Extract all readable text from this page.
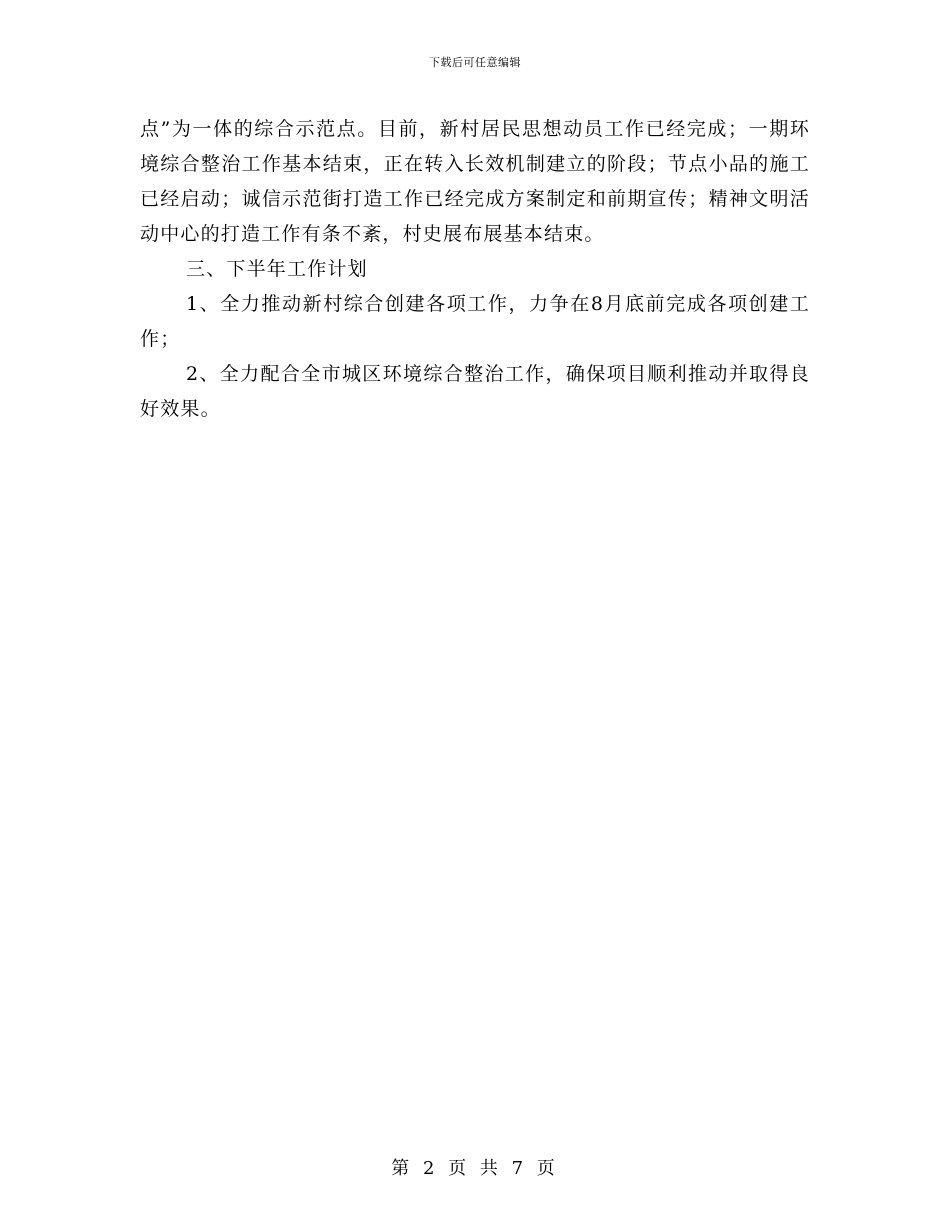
下载后可任意编辑

点”为一体的综合示范点。目前，新村居民思想动员工作已经完成；一期环境综合整治工作基本结束，正在转入长效机制建立的阶段；节点小品的施工已经启动；诚信示范街打造工作已经完成方案制定和前期宣传；精神文明活动中心的打造工作有条不紊，村史展布展基本结束。

三、下半年工作计划

1、全力推动新村综合创建各项工作，力争在8月底前完成各项创建工作；

2、全力配合全市城区环境综合整治工作，确保项目顺利推动并取得良好效果。

第 2 页 共 7 页
